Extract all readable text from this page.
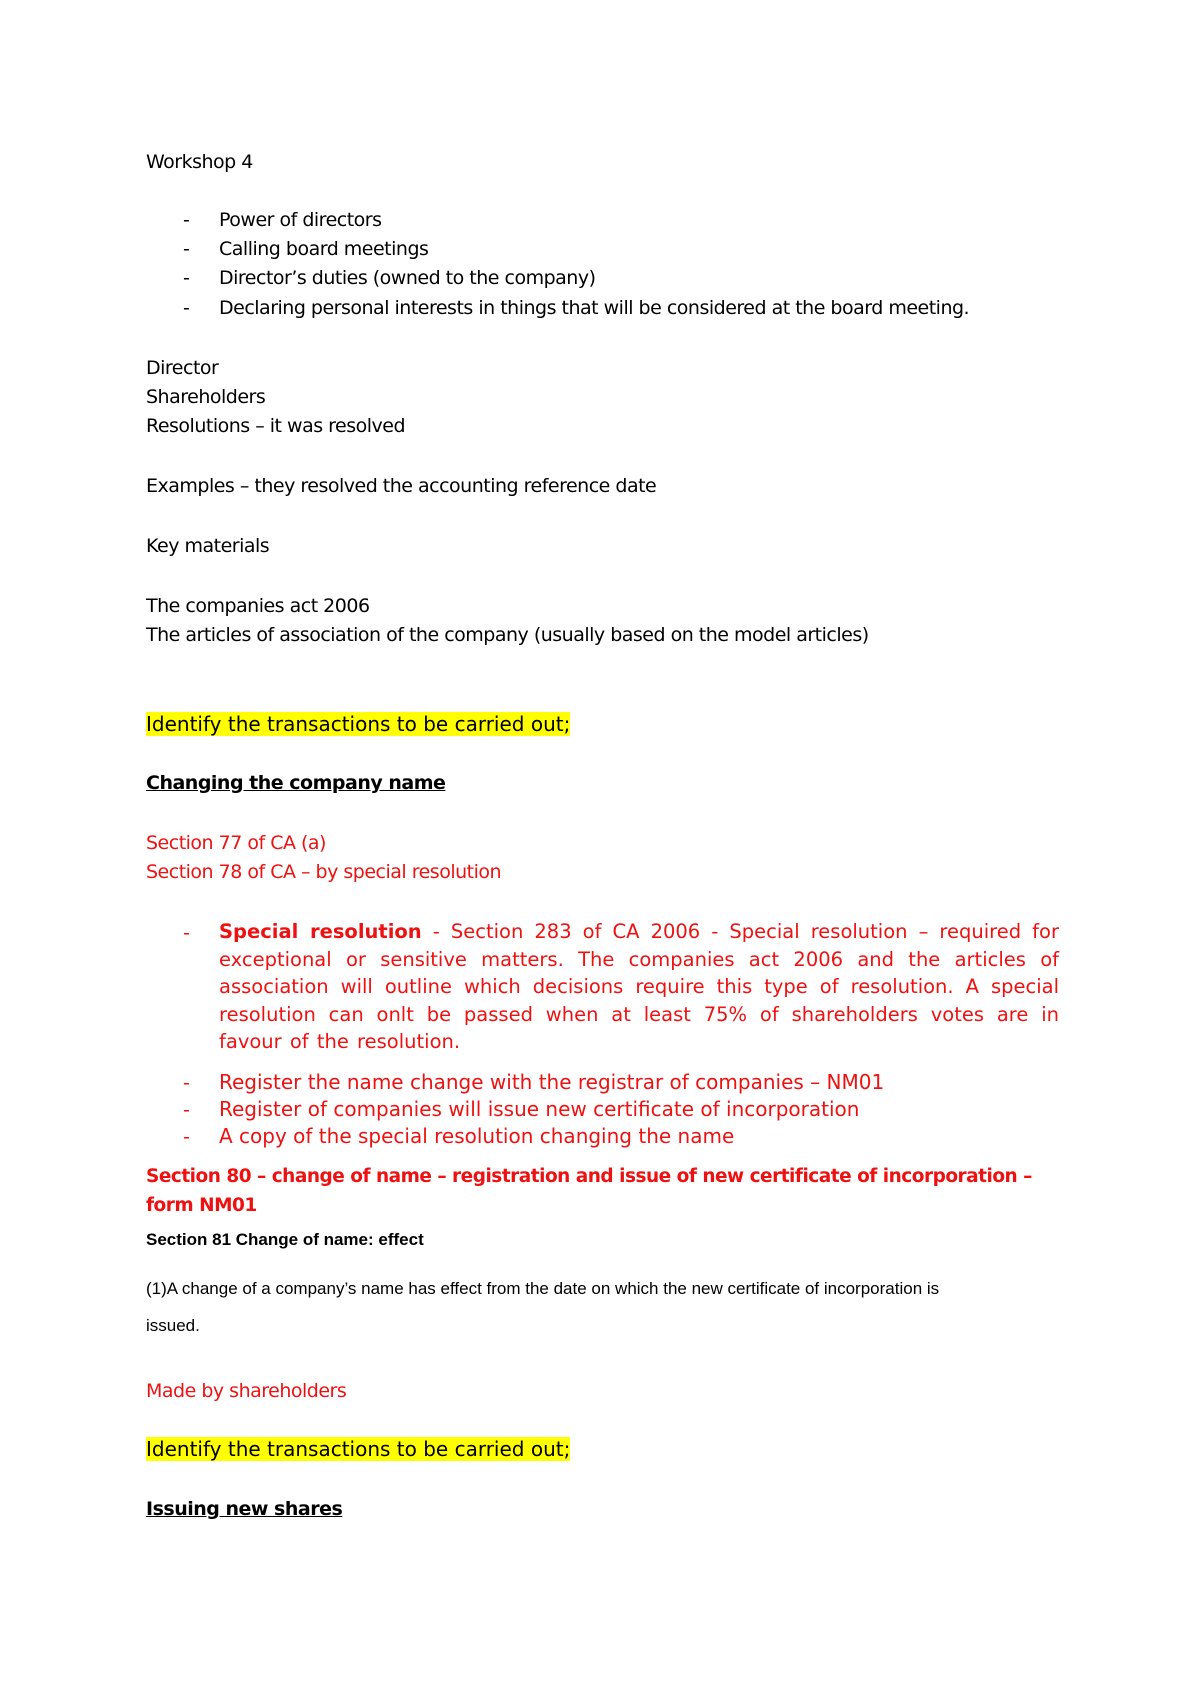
Workshop 4
- Power of directors
- Calling board meetings
- Director’s duties (owned to the company)
- Declaring personal interests in things that will be considered at the board meeting.
Director
Shareholders
Resolutions – it was resolved
Examples – they resolved the accounting reference date
Key materials
The companies act 2006
The articles of association of the company (usually based on the model articles)
Identify the transactions to be carried out;
Changing the company name
Section 77 of CA (a)
Section 78 of CA – by special resolution
- Special resolution - Section 283 of CA 2006 - Special resolution – required for exceptional or sensitive matters. The companies act 2006 and the articles of association will outline which decisions require this type of resolution. A special resolution can onlt be passed when at least 75% of shareholders votes are in favour of the resolution.
- Register the name change with the registrar of companies – NM01
- Register of companies will issue new certificate of incorporation
- A copy of the special resolution changing the name
Section 80 – change of name – registration and issue of new certificate of incorporation –
form NM01
Section 81 Change of name: effect
(1)A change of a company’s name has effect from the date on which the new certificate of incorporation is
issued.
Made by shareholders
Identify the transactions to be carried out;
Issuing new shares
